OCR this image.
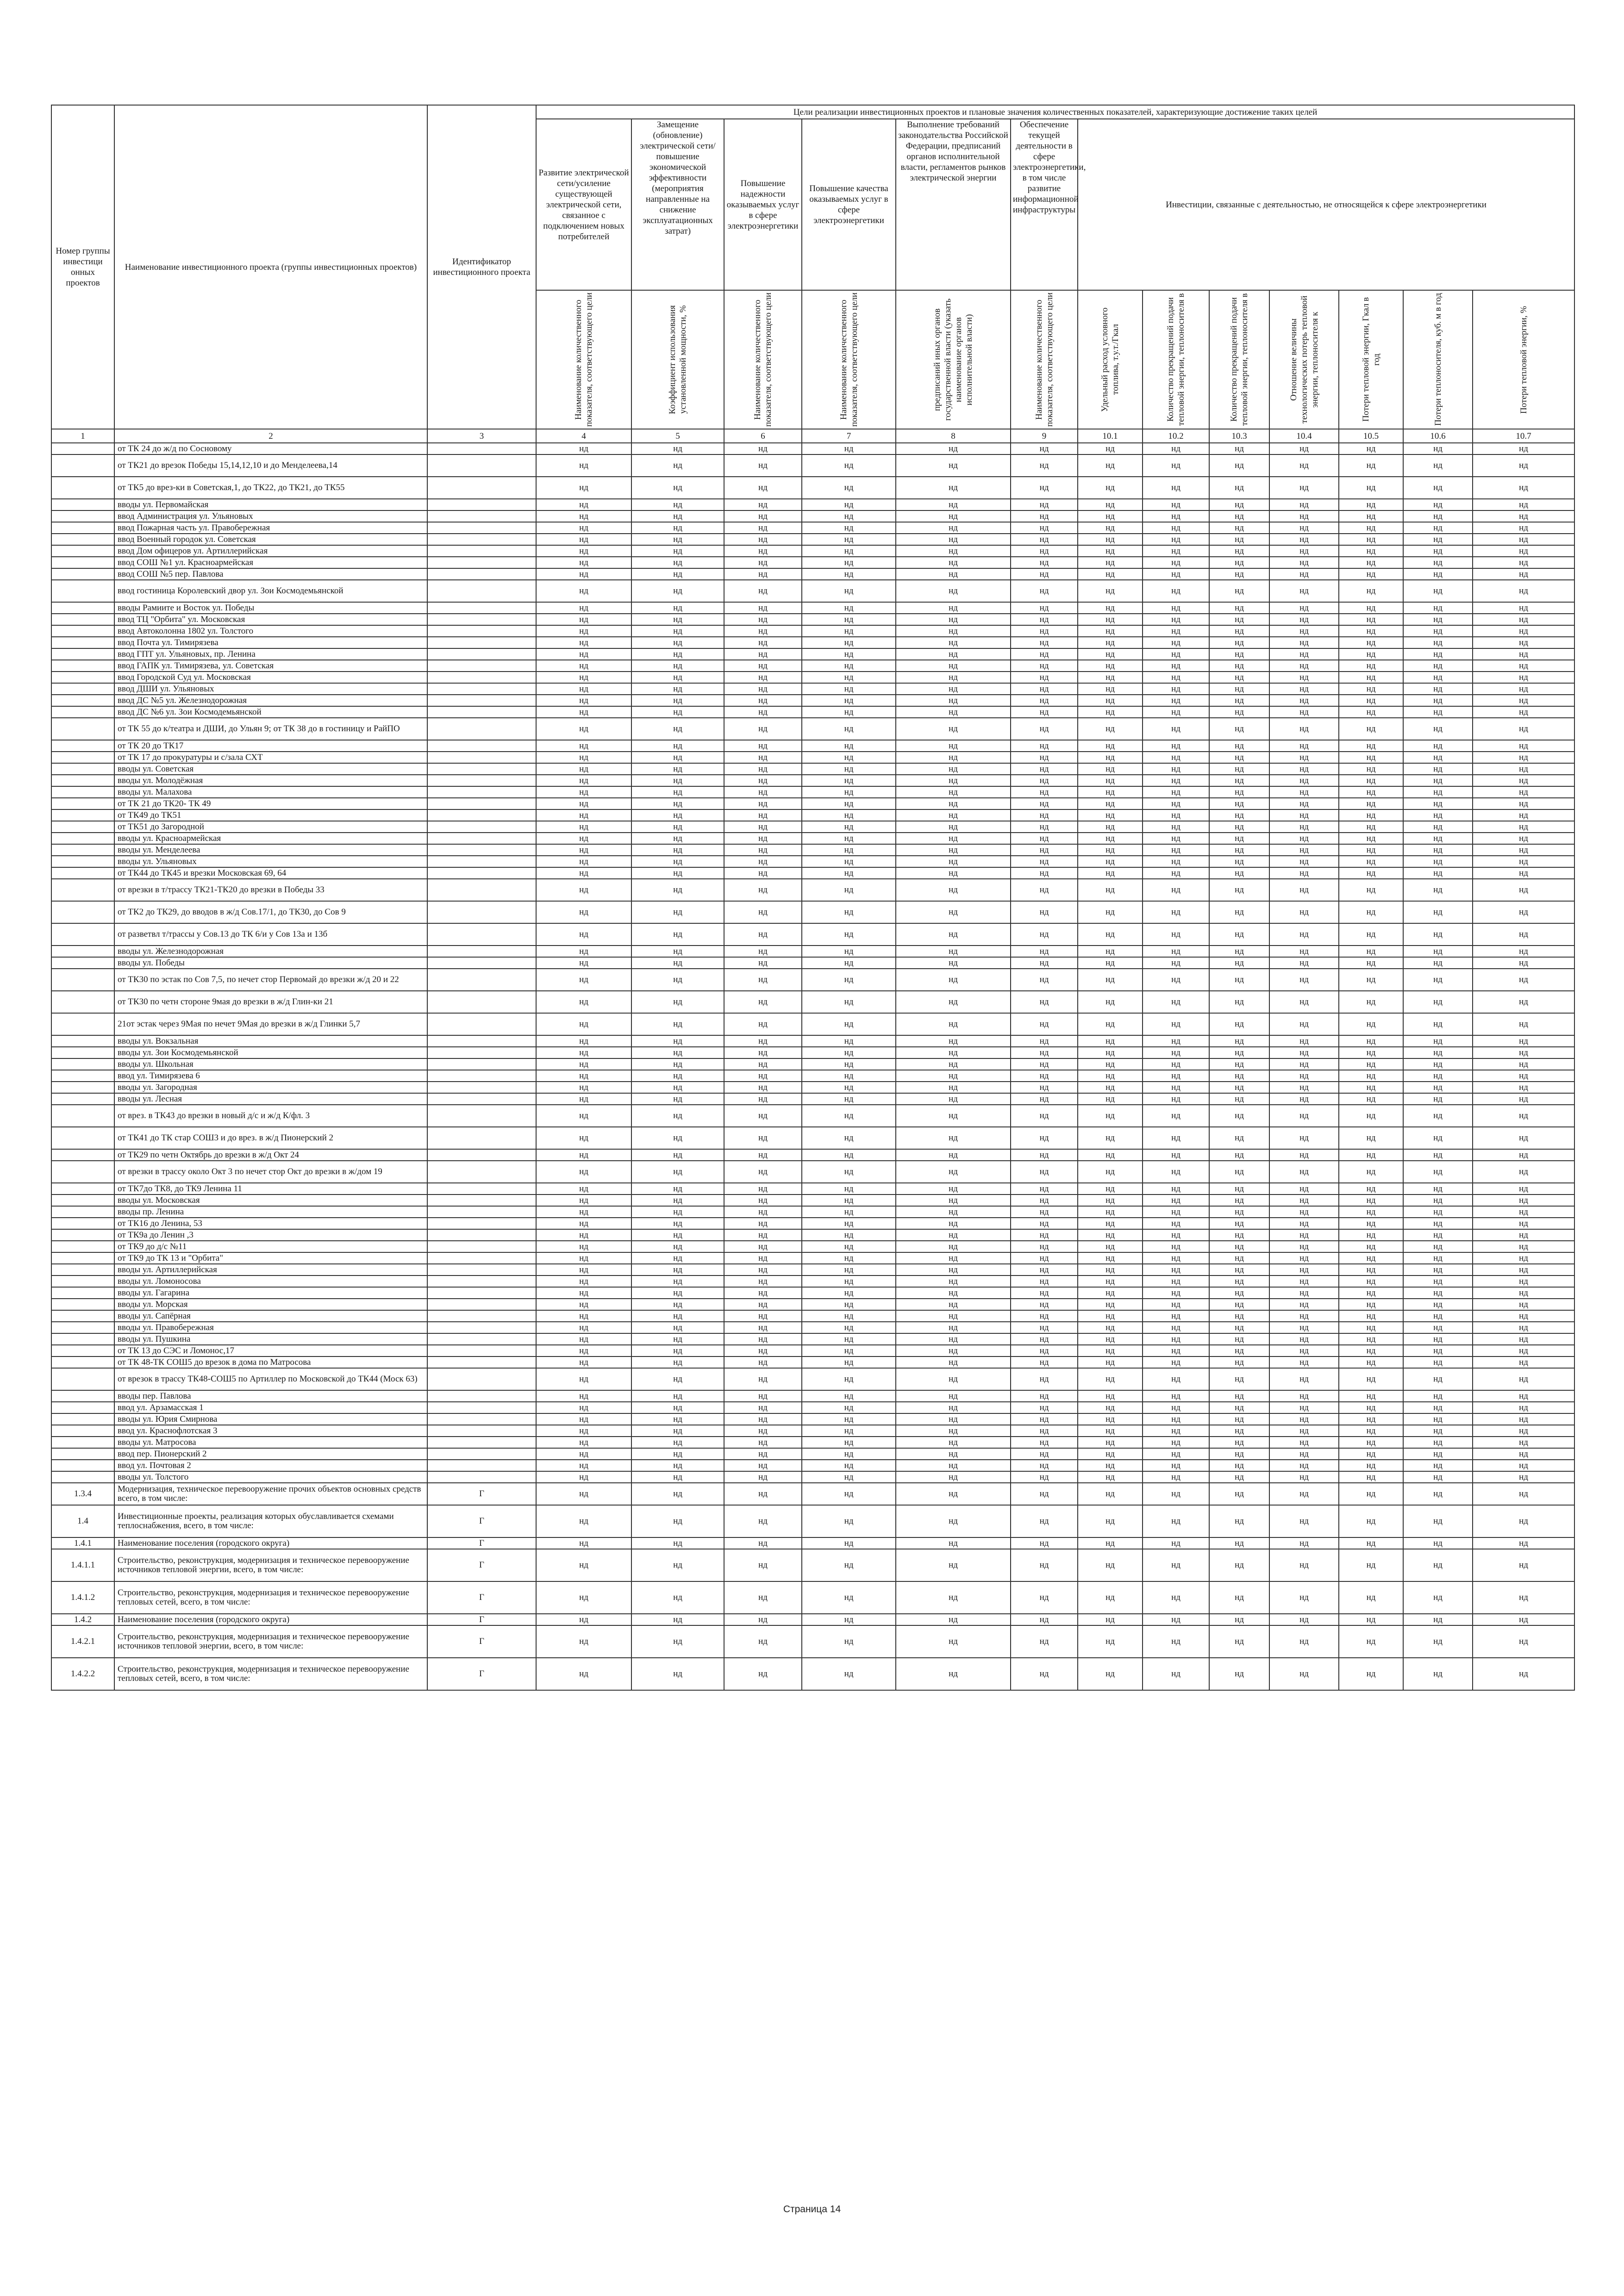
Номер группы инвестици онных проектов	Наименование инвестиционного проекта (группы инвестиционных проектов)	Идентификатор инвестиционного проекта	Цели реализации инвестиционных проектов и плановые значения количественных показателей, характеризующие достижение таких целей												
			Развитие электрической сети/усиление существующей электрической сети, связанное с подключением новых потребителей	Замещение (обновление) электрической сети/повышение экономической эффективности (мероприятия направленные на снижение эксплуатационных затрат)	Повышение надежности оказываемых услуг в сфере электроэнергетики	Повышение качества оказываемых услуг в сфере электроэнергетики	Выполнение требований законодательства Российской Федерации, предписаний органов исполнительной власти, регламентов рынков электрической энергии	Обеспечение текущей деятельности в сфере электроэнергетики, в том числе развитие информационной инфраструктуры	Инвестиции, связанные с деятельностью, не относящейся к сфере электроэнергетики						

			Наименование количественного показателя, соответствующего цели	Коэффициент использования установленной мощности, %	Наименование количественного показателя, соответствующего цели	Наименование количественного показателя, соответствующего цели	предписаний иных органов государственной власти (указать наименование органов исполнительной власти)	Наименование количественного показателя, соответствующего цели	Удельный расход условного топлива, т.у.т./Гкал	Количество прекращений подачи тепловой энергии, теплоносителя в	Количество прекращений подачи тепловой энергии, теплоносителя в	Отношение величины технологических потерь тепловой энергии, теплоносителя к	Потери тепловой энергии, Гкал в год	Потери теплоносителя, куб. м в год	Потери тепловой энергии, %

1	2	3	4	5	6	7	8	9	10.1	10.2	10.3	10.4	10.5	10.6	10.7
	от ТК 24 до ж/д по Сосновому		нд	нд	нд	нд	нд	нд	нд	нд	нд	нд	нд	нд	нд
	от ТК21 до врезок Победы 15,14,12,10 и до Менделеева,14		нд	нд	нд	нд	нд	нд	нд	нд	нд	нд	нд	нд	нд
	от ТК5 до врез-ки в Советская,1, до ТК22, до ТК21, до ТК55		нд	нд	нд	нд	нд	нд	нд	нд	нд	нд	нд	нд	нд
	вводы ул. Первомайская		нд	нд	нд	нд	нд	нд	нд	нд	нд	нд	нд	нд	нд
	ввод Администрация ул. Ульяновых		нд	нд	нд	нд	нд	нд	нд	нд	нд	нд	нд	нд	нд
	ввод Пожарная часть ул. Правобережная		нд	нд	нд	нд	нд	нд	нд	нд	нд	нд	нд	нд	нд
	ввод Военный городок ул. Советская		нд	нд	нд	нд	нд	нд	нд	нд	нд	нд	нд	нд	нд
	ввод Дом офицеров ул. Артиллерийская		нд	нд	нд	нд	нд	нд	нд	нд	нд	нд	нд	нд	нд
	ввод СОШ №1 ул. Красноармейская		нд	нд	нд	нд	нд	нд	нд	нд	нд	нд	нд	нд	нд
	ввод СОШ №5 пер. Павлова		нд	нд	нд	нд	нд	нд	нд	нд	нд	нд	нд	нд	нд
	ввод гостиница Королевский двор ул. Зои Космодемьянской		нд	нд	нд	нд	нд	нд	нд	нд	нд	нд	нд	нд	нд
	вводы Рамиите и Восток ул. Победы		нд	нд	нд	нд	нд	нд	нд	нд	нд	нд	нд	нд	нд
	ввод ТЦ "Орбита" ул. Московская		нд	нд	нд	нд	нд	нд	нд	нд	нд	нд	нд	нд	нд
	ввод Автоколонна 1802 ул. Толстого		нд	нд	нд	нд	нд	нд	нд	нд	нд	нд	нд	нд	нд
	ввод Почта ул. Тимирязева		нд	нд	нд	нд	нд	нд	нд	нд	нд	нд	нд	нд	нд
	ввод ГПТ ул. Ульяновых, пр. Ленина		нд	нд	нд	нд	нд	нд	нд	нд	нд	нд	нд	нд	нд
	ввод ГАПК ул. Тимирязева, ул. Советская		нд	нд	нд	нд	нд	нд	нд	нд	нд	нд	нд	нд	нд
	ввод Городской Суд ул. Московская		нд	нд	нд	нд	нд	нд	нд	нд	нд	нд	нд	нд	нд
	ввод ДШИ ул. Ульяновых		нд	нд	нд	нд	нд	нд	нд	нд	нд	нд	нд	нд	нд
	ввод ДС №5 ул. Железнодорожная		нд	нд	нд	нд	нд	нд	нд	нд	нд	нд	нд	нд	нд
	ввод ДС №6 ул. Зои Космодемьянской		нд	нд	нд	нд	нд	нд	нд	нд	нд	нд	нд	нд	нд
	от ТК 55 до к/театра и ДШИ, до Ульян 9; от ТК 38 до в гостиницу и РайПО		нд	нд	нд	нд	нд	нд	нд	нд	нд	нд	нд	нд	нд
	от ТК 20 до ТК17		нд	нд	нд	нд	нд	нд	нд	нд	нд	нд	нд	нд	нд
	от ТК 17 до прокуратуры и с/зала СХТ		нд	нд	нд	нд	нд	нд	нд	нд	нд	нд	нд	нд	нд
	вводы ул. Советская		нд	нд	нд	нд	нд	нд	нд	нд	нд	нд	нд	нд	нд
	вводы ул. Молодёжная		нд	нд	нд	нд	нд	нд	нд	нд	нд	нд	нд	нд	нд
	вводы ул. Малахова		нд	нд	нд	нд	нд	нд	нд	нд	нд	нд	нд	нд	нд
	от ТК 21 до ТК20- ТК 49		нд	нд	нд	нд	нд	нд	нд	нд	нд	нд	нд	нд	нд
	от ТК49 до ТК51		нд	нд	нд	нд	нд	нд	нд	нд	нд	нд	нд	нд	нд
	от ТК51 до Загородной		нд	нд	нд	нд	нд	нд	нд	нд	нд	нд	нд	нд	нд
	вводы ул. Красноармейская		нд	нд	нд	нд	нд	нд	нд	нд	нд	нд	нд	нд	нд
	вводы ул. Менделеева		нд	нд	нд	нд	нд	нд	нд	нд	нд	нд	нд	нд	нд
	вводы ул. Ульяновых		нд	нд	нд	нд	нд	нд	нд	нд	нд	нд	нд	нд	нд
	от ТК44 до ТК45 и врезки Московская 69, 64		нд	нд	нд	нд	нд	нд	нд	нд	нд	нд	нд	нд	нд
	от врезки в т/трассу ТК21-ТК20 до врезки в Победы 33		нд	нд	нд	нд	нд	нд	нд	нд	нд	нд	нд	нд	нд
	от ТК2 до ТК29, до вводов в ж/д Сов.17/1, до ТК30, до Сов 9		нд	нд	нд	нд	нд	нд	нд	нд	нд	нд	нд	нд	нд
	от разветвл т/трассы у Сов.13 до ТК 6/и у Сов 13а и 13б		нд	нд	нд	нд	нд	нд	нд	нд	нд	нд	нд	нд	нд
	вводы ул. Железнодорожная		нд	нд	нд	нд	нд	нд	нд	нд	нд	нд	нд	нд	нд
	вводы ул. Победы		нд	нд	нд	нд	нд	нд	нд	нд	нд	нд	нд	нд	нд
	от ТК30 по эстак по Сов 7,5, по нечет стор Первомай до врезки ж/д 20 и 22		нд	нд	нд	нд	нд	нд	нд	нд	нд	нд	нд	нд	нд
	от ТК30 по четн стороне 9мая до врезки в ж/д Глин-ки 21		нд	нд	нд	нд	нд	нд	нд	нд	нд	нд	нд	нд	нд
	21от эстак через 9Мая по нечет 9Мая до врезки в ж/д Глинки 5,7		нд	нд	нд	нд	нд	нд	нд	нд	нд	нд	нд	нд	нд
	вводы ул. Вокзальная		нд	нд	нд	нд	нд	нд	нд	нд	нд	нд	нд	нд	нд
	вводы ул. Зои Космодемьянской		нд	нд	нд	нд	нд	нд	нд	нд	нд	нд	нд	нд	нд
	вводы ул. Школьная		нд	нд	нд	нд	нд	нд	нд	нд	нд	нд	нд	нд	нд
	ввод ул. Тимирязева 6		нд	нд	нд	нд	нд	нд	нд	нд	нд	нд	нд	нд	нд
	вводы ул. Загородная		нд	нд	нд	нд	нд	нд	нд	нд	нд	нд	нд	нд	нд
	вводы ул. Лесная		нд	нд	нд	нд	нд	нд	нд	нд	нд	нд	нд	нд	нд
	от врез. в ТК43 до врезки в новый д/с и ж/д К/фл. 3		нд	нд	нд	нд	нд	нд	нд	нд	нд	нд	нд	нд	нд
	от ТК41 до ТК стар СОШ3 и до врез. в ж/д Пионерский 2		нд	нд	нд	нд	нд	нд	нд	нд	нд	нд	нд	нд	нд
	от ТК29 по четн Октябрь до врезки в ж/д Окт 24		нд	нд	нд	нд	нд	нд	нд	нд	нд	нд	нд	нд	нд
	от врезки в трассу около Окт 3 по нечет стор Окт до врезки в ж/дом 19		нд	нд	нд	нд	нд	нд	нд	нд	нд	нд	нд	нд	нд
	от ТК7до ТК8, до ТК9 Ленина 11		нд	нд	нд	нд	нд	нд	нд	нд	нд	нд	нд	нд	нд
	вводы ул. Московская		нд	нд	нд	нд	нд	нд	нд	нд	нд	нд	нд	нд	нд
	вводы пр. Ленина		нд	нд	нд	нд	нд	нд	нд	нд	нд	нд	нд	нд	нд
	от ТК16 до Ленина, 53		нд	нд	нд	нд	нд	нд	нд	нд	нд	нд	нд	нд	нд
	от ТК9а до Ленин ,3		нд	нд	нд	нд	нд	нд	нд	нд	нд	нд	нд	нд	нд
	от ТК9 до д/с №11		нд	нд	нд	нд	нд	нд	нд	нд	нд	нд	нд	нд	нд
	от ТК9 до ТК 13 и "Орбита"		нд	нд	нд	нд	нд	нд	нд	нд	нд	нд	нд	нд	нд
	вводы ул. Артиллерийская		нд	нд	нд	нд	нд	нд	нд	нд	нд	нд	нд	нд	нд
	вводы ул. Ломоносова		нд	нд	нд	нд	нд	нд	нд	нд	нд	нд	нд	нд	нд
	вводы ул. Гагарина		нд	нд	нд	нд	нд	нд	нд	нд	нд	нд	нд	нд	нд
	вводы ул. Морская		нд	нд	нд	нд	нд	нд	нд	нд	нд	нд	нд	нд	нд
	вводы ул. Сапёрная		нд	нд	нд	нд	нд	нд	нд	нд	нд	нд	нд	нд	нд
	вводы ул. Правобережная		нд	нд	нд	нд	нд	нд	нд	нд	нд	нд	нд	нд	нд
	вводы ул. Пушкина		нд	нд	нд	нд	нд	нд	нд	нд	нд	нд	нд	нд	нд
	от ТК 13 до СЭС и Ломонос,17		нд	нд	нд	нд	нд	нд	нд	нд	нд	нд	нд	нд	нд
	от ТК 48-ТК СОШ5 до врезок в дома по Матросова		нд	нд	нд	нд	нд	нд	нд	нд	нд	нд	нд	нд	нд
	от врезок в трассу ТК48-СОШ5 по Артиллер по Московской до ТК44 (Моск 63)		нд	нд	нд	нд	нд	нд	нд	нд	нд	нд	нд	нд	нд
	вводы пер. Павлова		нд	нд	нд	нд	нд	нд	нд	нд	нд	нд	нд	нд	нд
	ввод ул. Арзамасская 1		нд	нд	нд	нд	нд	нд	нд	нд	нд	нд	нд	нд	нд
	вводы ул. Юрия Смирнова		нд	нд	нд	нд	нд	нд	нд	нд	нд	нд	нд	нд	нд
	ввод ул. Краснофлотская 3		нд	нд	нд	нд	нд	нд	нд	нд	нд	нд	нд	нд	нд
	вводы ул. Матросова		нд	нд	нд	нд	нд	нд	нд	нд	нд	нд	нд	нд	нд
	ввод пер. Пионерский 2		нд	нд	нд	нд	нд	нд	нд	нд	нд	нд	нд	нд	нд
	ввод ул. Почтовая 2		нд	нд	нд	нд	нд	нд	нд	нд	нд	нд	нд	нд	нд
	вводы ул. Толстого		нд	нд	нд	нд	нд	нд	нд	нд	нд	нд	нд	нд	нд
1.3.4	Модернизация, техническое перевооружение прочих объектов основных средств всего, в том числе:	Г	нд	нд	нд	нд	нд	нд	нд	нд	нд	нд	нд	нд	нд
1.4	Инвестиционные проекты, реализация которых обуславливается схемами теплоснабжения, всего, в том числе:	Г	нд	нд	нд	нд	нд	нд	нд	нд	нд	нд	нд	нд	нд
1.4.1	Наименование поселения (городского округа)	Г	нд	нд	нд	нд	нд	нд	нд	нд	нд	нд	нд	нд	нд
1.4.1.1	Строительство, реконструкция, модернизация и техническое перевооружение источников тепловой энергии, всего, в том числе:	Г	нд	нд	нд	нд	нд	нд	нд	нд	нд	нд	нд	нд	нд
1.4.1.2	Строительство, реконструкция, модернизация и техническое перевооружение тепловых сетей, всего, в том числе:	Г	нд	нд	нд	нд	нд	нд	нд	нд	нд	нд	нд	нд	нд
1.4.2	Наименование поселения (городского округа)	Г	нд	нд	нд	нд	нд	нд	нд	нд	нд	нд	нд	нд	нд
1.4.2.1	Строительство, реконструкция, модернизация и техническое перевооружение источников тепловой энергии, всего, в том числе:	Г	нд	нд	нд	нд	нд	нд	нд	нд	нд	нд	нд	нд	нд
1.4.2.2	Строительство, реконструкция, модернизация и техническое перевооружение тепловых сетей, всего, в том числе:	Г	нд	нд	нд	нд	нд	нд	нд	нд	нд	нд	нд	нд	нд
Страница 14
